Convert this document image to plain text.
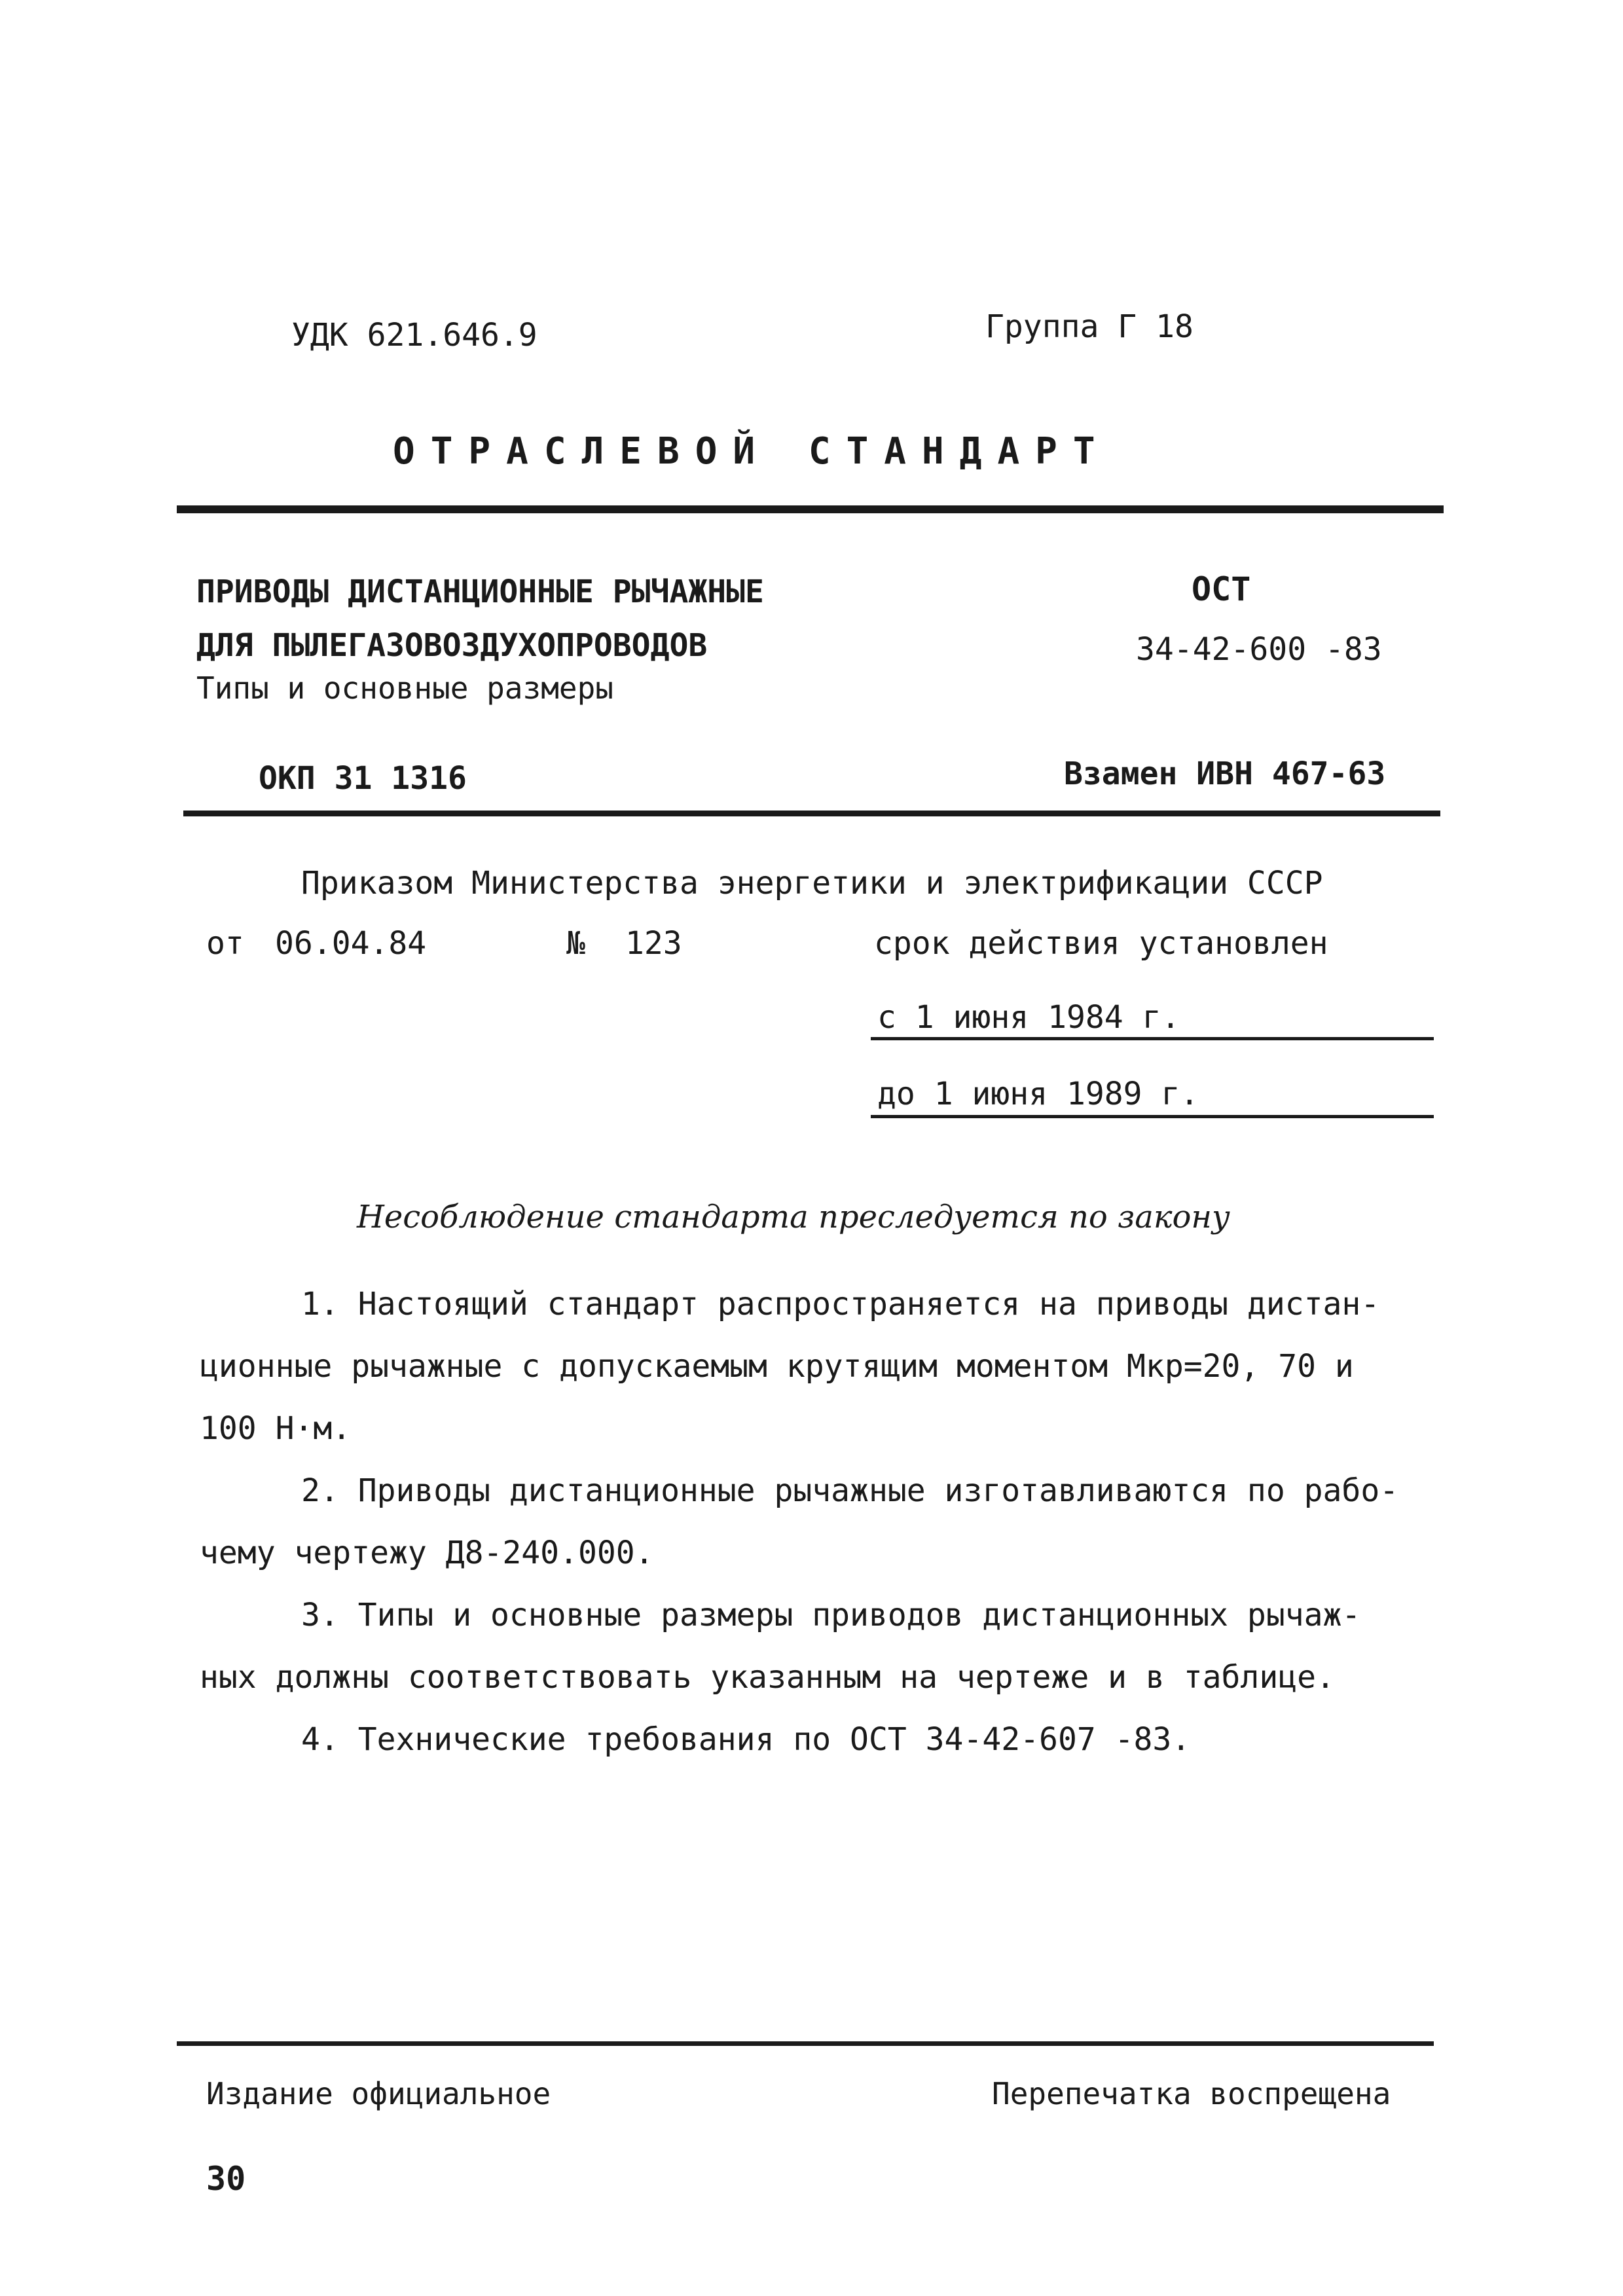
УДК 621.646.9	Группа Г 18
ОТРАСЛЕВОЙ СТАНДАРТ
ПРИВОДЫ ДИСТАНЦИОННЫЕ РЫЧАЖНЫЕ
ДЛЯ ПЫЛЕГАЗОВОЗДУХОПРОВОДОВ
Типы и основные размеры
ОСТ
34-42-600 -83
ОКП 31 1316	Взамен ИВН 467-63
Приказом Министерства энергетики и электрификации СССР
от 06.04.84	№ 123	срок действия установлен
с 1 июня 1984 г.
до 1 июня 1989 г.
Несоблюдение стандарта преследуется по закону
1. Настоящий стандарт распространяется на приводы дистан-
ционные рычажные с допускаемым крутящим моментом Мкр=20, 70 и
100 Н·м.
2. Приводы дистанционные рычажные изготавливаются по рабо-
чему чертежу Д8-240.000.
3. Типы и основные размеры приводов дистанционных рычаж-
ных должны соответствовать указанным на чертеже и в таблице.
4. Технические требования по ОСТ 34-42-607 -83.
Издание официальное	Перепечатка воспрещена
30
